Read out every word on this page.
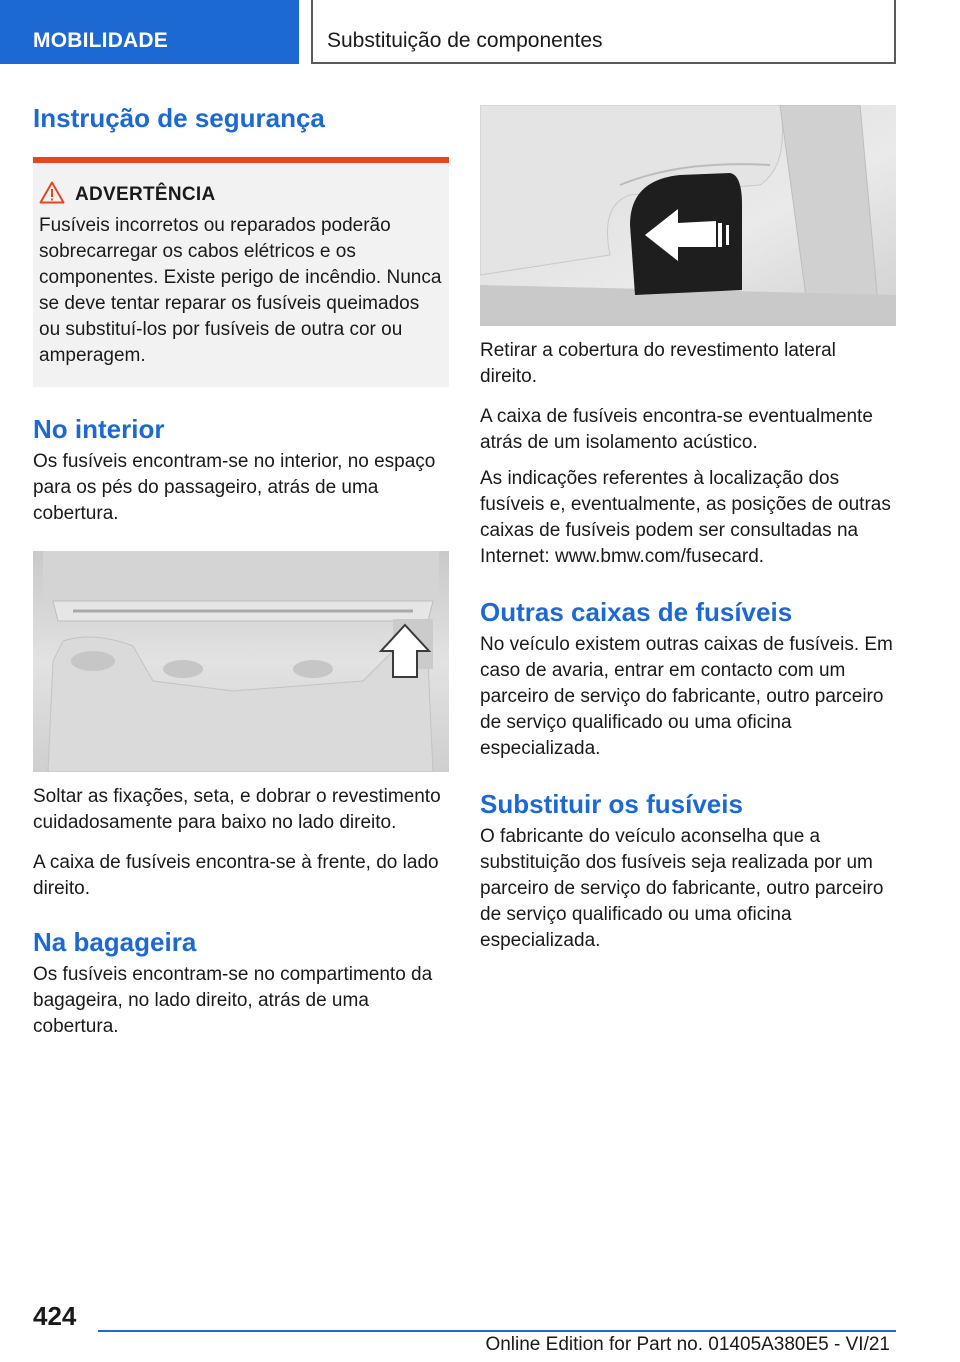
MOBILIDADE	Substituição de componentes
Instrução de segurança
ADVERTÊNCIA

Fusíveis incorretos ou reparados poderão sobrecarregar os cabos elétricos e os componentes. Existe perigo de incêndio. Nunca se deve tentar reparar os fusíveis queimados ou substituí-los por fusíveis de outra cor ou amperagem.

No interior

Os fusíveis encontram-se no interior, no espaço para os pés do passageiro, atrás de uma cobertura.

Soltar as fixações, seta, e dobrar o revestimento cuidadosamente para baixo no lado direito.

A caixa de fusíveis encontra-se à frente, do lado direito.

Na bagageira

Os fusíveis encontram-se no compartimento da bagageira, no lado direito, atrás de uma cobertura.

Retirar a cobertura do revestimento lateral direito.

A caixa de fusíveis encontra-se eventualmente atrás de um isolamento acústico.

As indicações referentes à localização dos fusíveis e, eventualmente, as posições de outras caixas de fusíveis podem ser consultadas na Internet: www.bmw.com/fusecard.

Outras caixas de fusíveis

No veículo existem outras caixas de fusíveis. Em caso de avaria, entrar em contacto com um parceiro de serviço do fabricante, outro parceiro de serviço qualificado ou uma oficina especializada.

Substituir os fusíveis

O fabricante do veículo aconselha que a substituição dos fusíveis seja realizada por um parceiro de serviço do fabricante, outro parceiro de serviço qualificado ou uma oficina especializada.

424
Online Edition for Part no. 01405A380E5 - VI/21
